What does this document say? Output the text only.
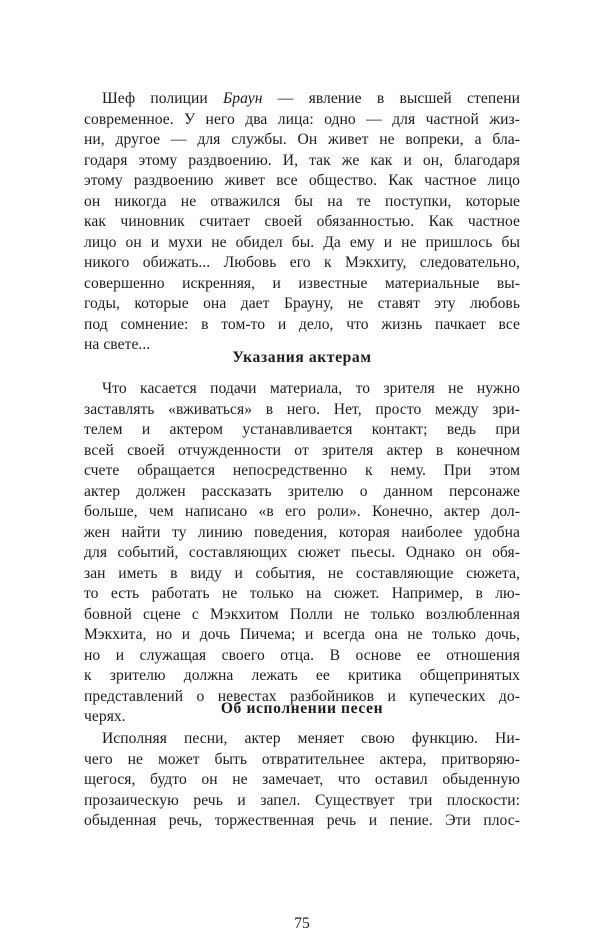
Шеф полиции Браун — явление в высшей степени
современное. У него два лица: одно — для частной жиз-
ни, другое — для службы. Он живет не вопреки, а бла-
годаря этому раздвоению. И, так же как и он, благодаря
этому раздвоению живет все общество. Как частное лицо
он никогда не отважился бы на те поступки, которые
как чиновник считает своей обязанностью. Как частное
лицо он и мухи не обидел бы. Да ему и не пришлось бы
никого обижать... Любовь его к Мэкхиту, следовательно,
совершенно искренняя, и известные материальные вы-
годы, которые она дает Брауну, не ставят эту любовь
под сомнение: в том-то и дело, что жизнь пачкает все
на свете...
Указания актерам
Что касается подачи материала, то зрителя не нужно
заставлять «вживаться» в него. Нет, просто между зри-
телем и актером устанавливается контакт; ведь при
всей своей отчужденности от зрителя актер в конечном
счете обращается непосредственно к нему. При этом
актер должен рассказать зрителю о данном персонаже
больше, чем написано «в его роли». Конечно, актер дол-
жен найти ту линию поведения, которая наиболее удобна
для событий, составляющих сюжет пьесы. Однако он обя-
зан иметь в виду и события, не составляющие сюжета,
то есть работать не только на сюжет. Например, в лю-
бовной сцене с Мэкхитом Полли не только возлюбленная
Мэкхита, но и дочь Пичема; и всегда она не только дочь,
но и служащая своего отца. В основе ее отношения
к зрителю должна лежать ее критика общепринятых
представлений о невестах разбойников и купеческих до-
черях.	Об исполнении песен
Исполняя песни, актер меняет свою функцию. Ни-
чего не может быть отвратительнее актера, притворяю-
щегося, будто он не замечает, что оставил обыденную
прозаическую речь и запел. Существует три плоскости:
обыденная речь, торжественная речь и пение. Эти плос-
75
